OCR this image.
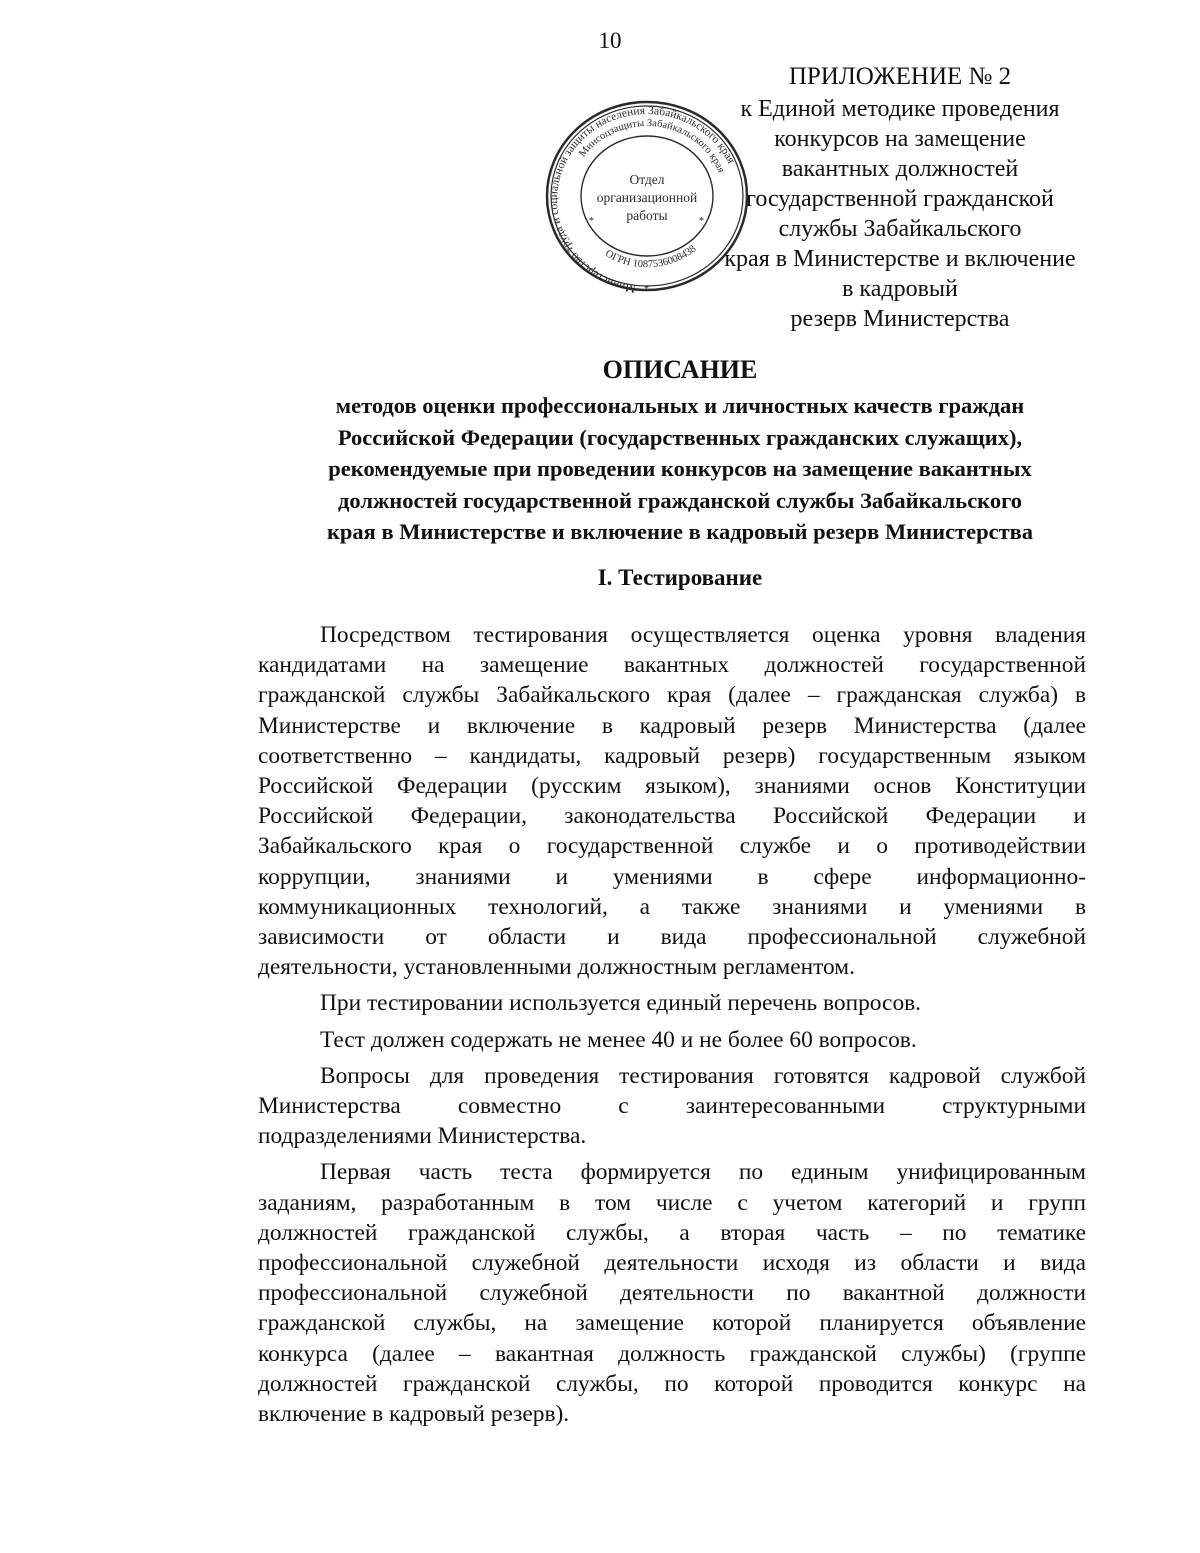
10
Министерство труда и социальной защиты населения Забайкальского края
Минсоцзащиты Забайкальского края
ОГРН 1087536008438
Отдел
организационной
работы
*	*
*
ПРИЛОЖЕНИЕ № 2
к Единой методике проведения
конкурсов на замещение
вакантных должностей
государственной гражданской
службы Забайкальского
края в Министерстве и включение
в кадровый
резерв Министерства
ОПИСАНИЕ
методов оценки профессиональных и личностных качеств граждан
Российской Федерации (государственных гражданских служащих),
рекомендуемые при проведении конкурсов на замещение вакантных
должностей государственной гражданской службы Забайкальского
края в Министерстве и включение в кадровый резерв Министерства
I. Тестирование

Посредством тестирования осуществляется оценка уровня владения
кандидатами на замещение вакантных должностей государственной
гражданской службы Забайкальского края (далее – гражданская служба) в
Министерстве и включение в кадровый резерв Министерства (далее
соответственно – кандидаты, кадровый резерв) государственным языком
Российской Федерации (русским языком), знаниями основ Конституции
Российской Федерации, законодательства Российской Федерации и
Забайкальского края о государственной службе и о противодействии
коррупции, знаниями и умениями в сфере информационно-
коммуникационных технологий, а также знаниями и умениями в
зависимости от области и вида профессиональной служебной
деятельности, установленными должностным регламентом.

При тестировании используется единый перечень вопросов.

Тест должен содержать не менее 40 и не более 60 вопросов.

Вопросы для проведения тестирования готовятся кадровой службой
Министерства совместно с заинтересованными структурными
подразделениями Министерства.

Первая часть теста формируется по единым унифицированным
заданиям, разработанным в том числе с учетом категорий и групп
должностей гражданской службы, а вторая часть – по тематике
профессиональной служебной деятельности исходя из области и вида
профессиональной служебной деятельности по вакантной должности
гражданской службы, на замещение которой планируется объявление
конкурса (далее – вакантная должность гражданской службы) (группе
должностей гражданской службы, по которой проводится конкурс на
включение в кадровый резерв).
